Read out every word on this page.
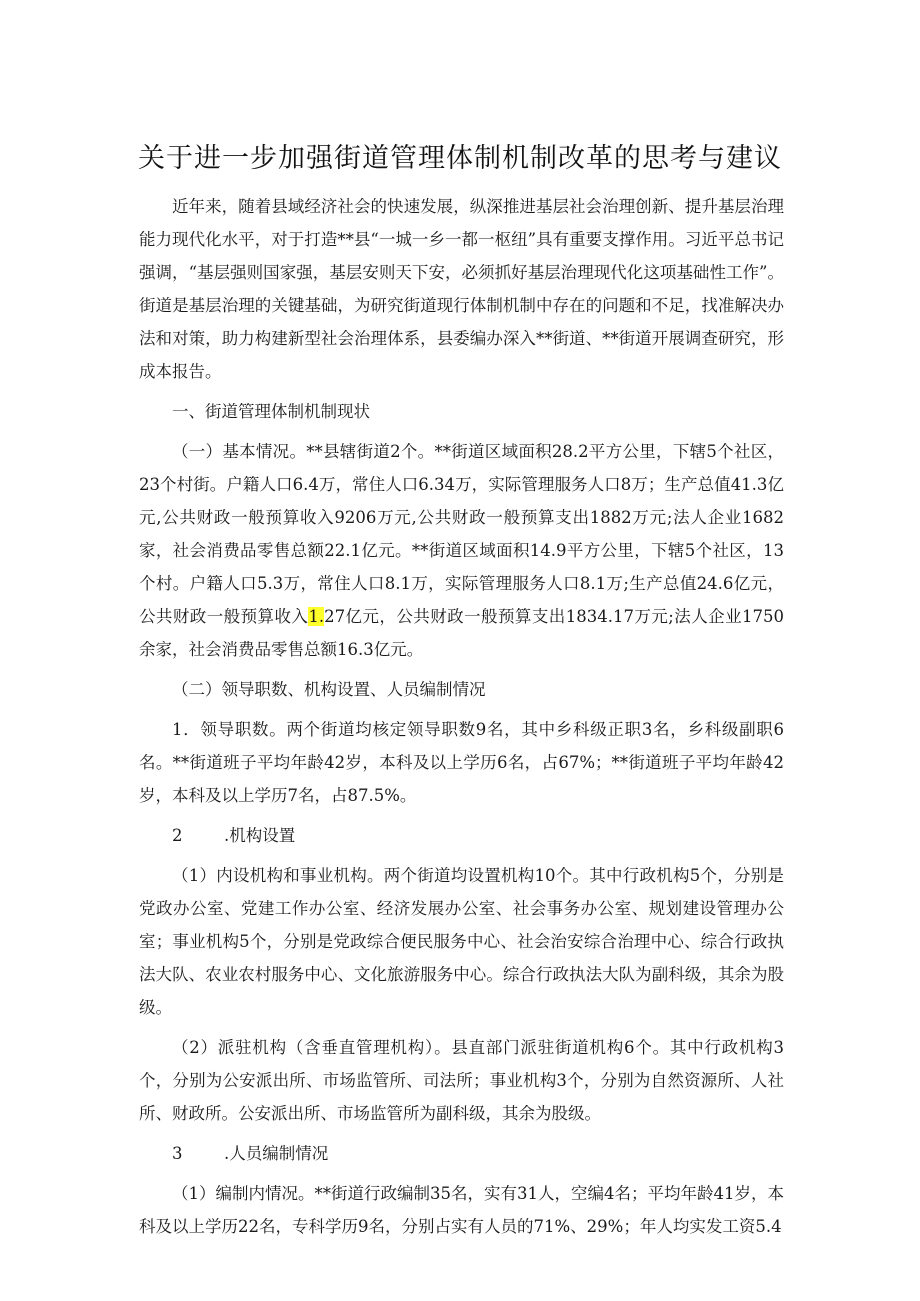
关于进一步加强街道管理体制机制改革的思考与建议

近年来，随着县域经济社会的快速发展，纵深推进基层社会治理创新、提升基层治理能力现代化水平，对于打造**县“一城一乡一都一枢纽”具有重要支撑作用。习近平总书记强调，“基层强则国家强，基层安则天下安，必须抓好基层治理现代化这项基础性工作”。街道是基层治理的关键基础，为研究街道现行体制机制中存在的问题和不足，找准解决办法和对策，助力构建新型社会治理体系，县委编办深入**街道、**街道开展调查研究，形成本报告。

一、街道管理体制机制现状

（一）基本情况。**县辖街道2个。**街道区域面积28.2平方公里，下辖5个社区，23个村街。户籍人口6.4万，常住人口6.34万，实际管理服务人口8万；生产总值41.3亿元,公共财政一般预算收入9206万元,公共财政一般预算支出1882万元;法人企业1682家，社会消费品零售总额22.1亿元。**街道区域面积14.9平方公里，下辖5个社区，13个村。户籍人口5.3万，常住人口8.1万，实际管理服务人口8.1万;生产总值24.6亿元，公共财政一般预算收入1.27亿元，公共财政一般预算支出1834.17万元;法人企业1750余家，社会消费品零售总额16.3亿元。

（二）领导职数、机构设置、人员编制情况

1．领导职数。两个街道均核定领导职数9名，其中乡科级正职3名，乡科级副职6名。**街道班子平均年龄42岁，本科及以上学历6名，占67%；**街道班子平均年龄42岁，本科及以上学历7名，占87.5%。

2	.机构设置

（1）内设机构和事业机构。两个街道均设置机构10个。其中行政机构5个，分别是党政办公室、党建工作办公室、经济发展办公室、社会事务办公室、规划建设管理办公室；事业机构5个，分别是党政综合便民服务中心、社会治安综合治理中心、综合行政执法大队、农业农村服务中心、文化旅游服务中心。综合行政执法大队为副科级，其余为股级。

（2）派驻机构（含垂直管理机构）。县直部门派驻街道机构6个。其中行政机构3个，分别为公安派出所、市场监管所、司法所；事业机构3个，分别为自然资源所、人社所、财政所。公安派出所、市场监管所为副科级，其余为股级。

3	.人员编制情况

（1）编制内情况。**街道行政编制35名，实有31人，空编4名；平均年龄41岁，本科及以上学历22名，专科学历9名，分别占实有人员的71%、29%；年人均实发工资5.4
